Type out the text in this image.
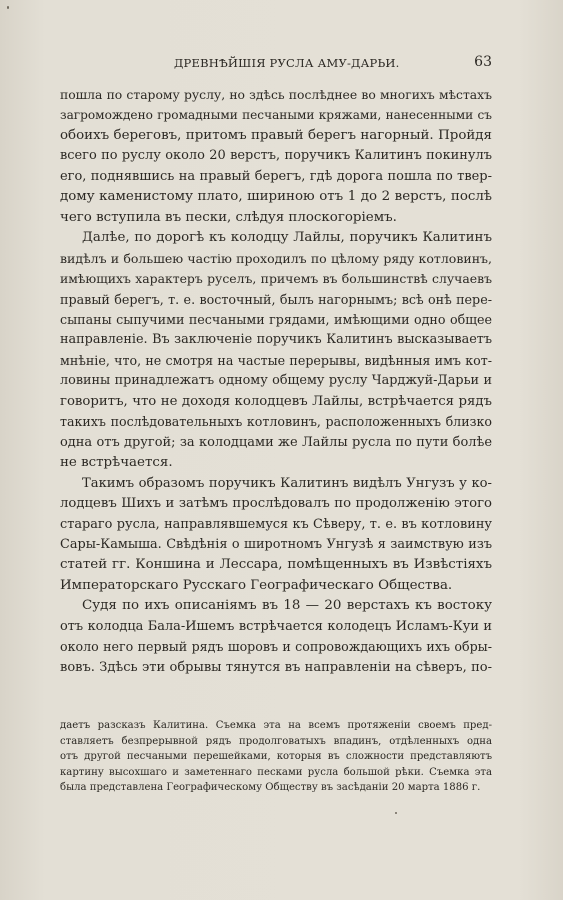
ДРЕВНѢЙШІЯ РУСЛА АМУ-ДАРЬИ.	63

пошла по старому руслу, но здѣсь послѣднее во многихъ мѣстахъ
загромождено громадными песчаными кряжами, нанесенными съ
обоихъ береговъ, притомъ правый берегъ нагорный. Пройдя
всего по руслу около 20 верстъ, поручикъ Калитинъ покинулъ
его, поднявшись на правый берегъ, гдѣ дорога пошла по твер-
дому каменистому плато, шириною отъ 1 до 2 верстъ, послѣ
чего вступила въ пески, слѣдуя плоскогоріемъ.

Далѣе, по дорогѣ къ колодцу Лайлы, поручикъ Калитинъ
видѣлъ и большею частію проходилъ по цѣлому ряду котловинъ,
имѣющихъ характеръ руселъ, причемъ въ большинствѣ случаевъ
правый берегъ, т. е. восточный, былъ нагорнымъ; всѣ онѣ пере-
сыпаны сыпучими песчаными грядами, имѣющими одно общее
направленіе. Въ заключеніе поручикъ Калитинъ высказываетъ
мнѣніе, что, не смотря на частые перерывы, видѣнныя имъ кот-
ловины принадлежатъ одному общему руслу Чарджуй-Дарьи и
говоритъ, что не доходя колодцевъ Лайлы, встрѣчается рядъ
такихъ послѣдовательныхъ котловинъ, расположенныхъ близко
одна отъ другой; за колодцами же Лайлы русла по пути болѣе
не встрѣчается.

Такимъ образомъ поручикъ Калитинъ видѣлъ Унгузъ у ко-
лодцевъ Шихъ и затѣмъ прослѣдовалъ по продолженію этого
стараго русла, направлявшемуся къ Сѣверу, т. е. въ котловину
Сары-Камыша. Свѣдѣнія о широтномъ Унгузѣ я заимствую изъ
статей гг. Коншина и Лессара, помѣщенныхъ въ Извѣстіяхъ
Императорскаго Русскаго Географическаго Общества.

Судя по ихъ описаніямъ въ 18 — 20 верстахъ къ востоку
отъ колодца Бала-Ишемъ встрѣчается колодецъ Исламъ-Куи и
около него первый рядъ шоровъ и сопровождающихъ ихъ обры-
вовъ. Здѣсь эти обрывы тянутся въ направленіи на сѣверъ, по-

даетъ разсказъ Калитина. Съемка эта на всемъ протяженіи своемъ пред-
ставляетъ безпрерывной рядъ продолговатыхъ впадинъ, отдѣленныхъ одна
отъ другой песчаными перешейками, которыя въ сложности представляютъ
картину высохшаго и заметеннаго песками русла большой рѣки. Съемка эта
была представлена Географическому Обществу въ засѣданіи 20 марта 1886 г.
